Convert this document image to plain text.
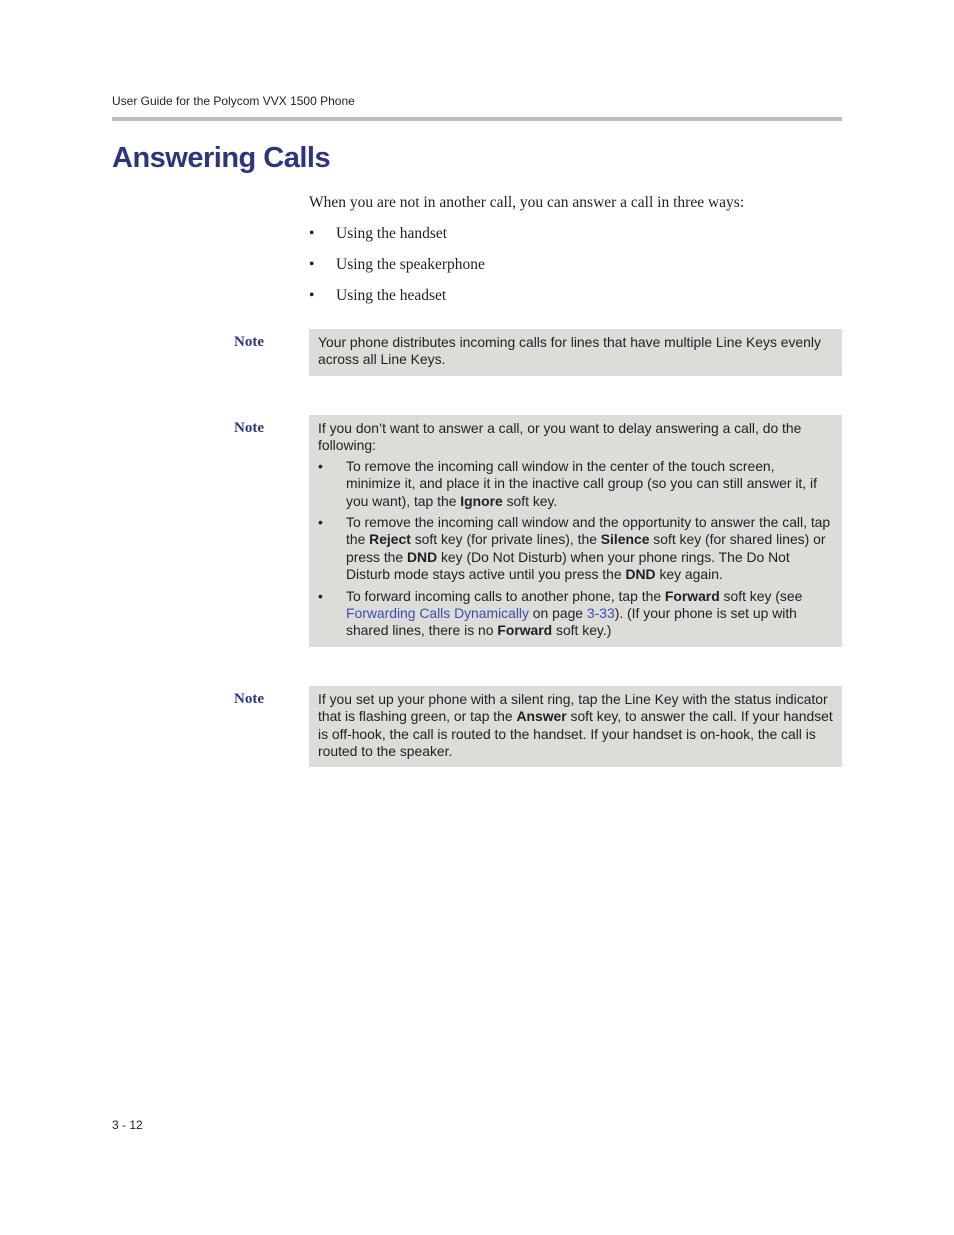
User Guide for the Polycom VVX 1500 Phone
Answering Calls

When you are not in another call, you can answer a call in three ways:

• Using the handset
• Using the speakerphone
• Using the headset
Note	Your phone distributes incoming calls for lines that have multiple Line Keys evenly across all Line Keys.

Note	If you don’t want to answer a call, or you want to delay answering a call, do the following:

• To remove the incoming call window in the center of the touch screen, minimize it, and place it in the inactive call group (so you can still answer it, if you want), tap the Ignore soft key.
• To remove the incoming call window and the opportunity to answer the call, tap the Reject soft key (for private lines), the Silence soft key (for shared lines) or press the DND key (Do Not Disturb) when your phone rings. The Do Not Disturb mode stays active until you press the DND key again.
• To forward incoming calls to another phone, tap the Forward soft key (see Forwarding Calls Dynamically on page 3-33). (If your phone is set up with shared lines, there is no Forward soft key.)
Note	If you set up your phone with a silent ring, tap the Line Key with the status indicator that is flashing green, or tap the Answer soft key, to answer the call. If your handset is off-hook, the call is routed to the handset. If your handset is on-hook, the call is routed to the speaker.

3 - 12
